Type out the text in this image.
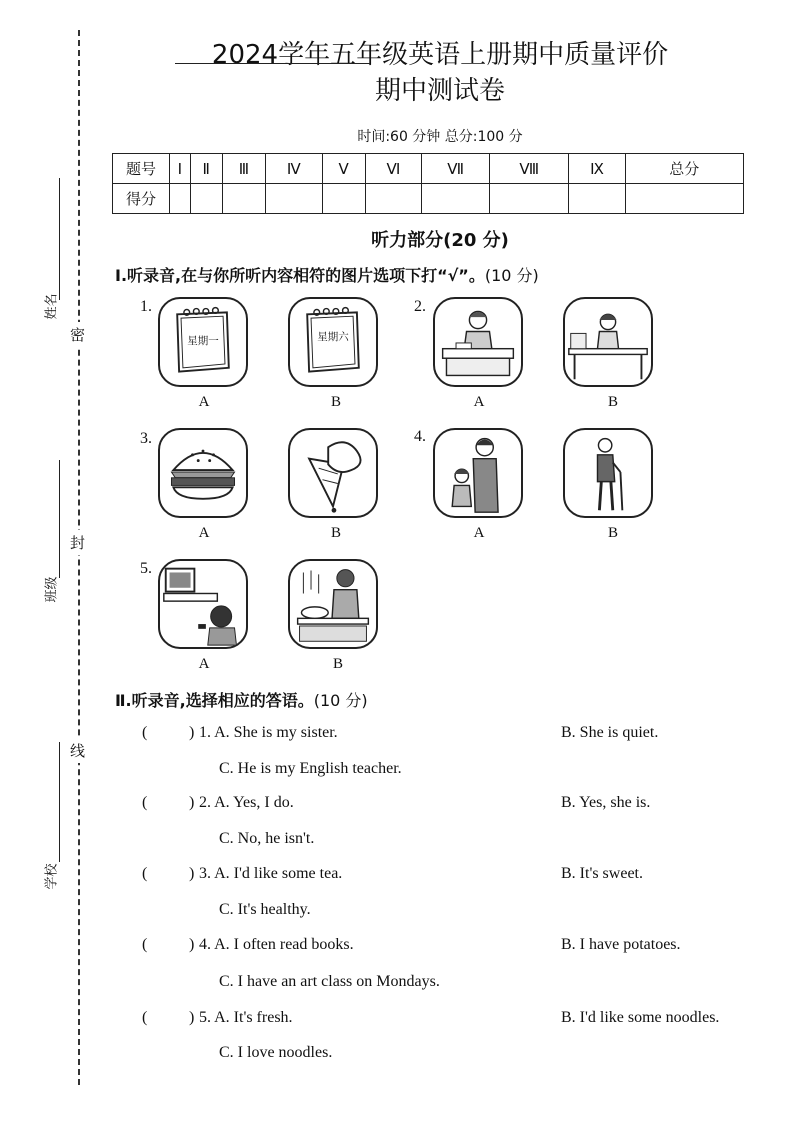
姓名
班级
学校
密
封
线
2024学年五年级英语上册期中质量评价
期中测试卷
时间:60 分钟 总分:100 分
题号	Ⅰ	Ⅱ	Ⅲ	Ⅳ	Ⅴ	Ⅵ	Ⅶ	Ⅷ	Ⅸ	总分
得分										
听力部分(20 分)
Ⅰ.听录音,在与你所听内容相符的图片选项下打“√”。(10 分)
1.
星期一
A
星期六
B
2.
A	B
3.
A	B
4.
A	B
5.
A	B
Ⅱ.听录音,选择相应的答语。(10 分)
(	) 1. A. She is my sister.	B. She is quiet.
C. He is my English teacher.
(	) 2. A. Yes, I do.	B. Yes, she is.
C. No, he isn't.
(	) 3. A. I'd like some tea.	B. It's sweet.
C. It's healthy.
(	) 4. A. I often read books.	B. I have potatoes.
C. I have an art class on Mondays.
(	) 5. A. It's fresh.	B. I'd like some noodles.
C. I love noodles.
